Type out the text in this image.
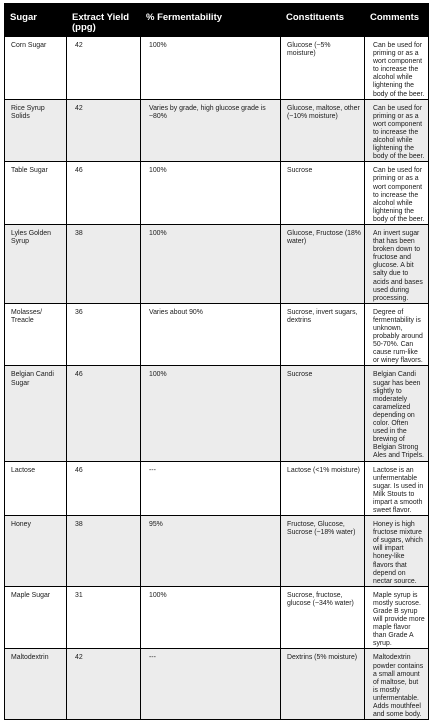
Sugar	Extract Yield (ppg)	% Fermentability	Constituents	Comments
Corn Sugar	42	100%	Glucose (~5% moisture)	Can be used for priming or as a wort component to increase the alcohol while lightening the body of the beer.
Rice Syrup Solids	42	Varies by grade, high glucose grade is ~80%	Glucose, maltose, other (~10% moisture)	Can be used for priming or as a wort component to increase the alcohol while lightening the body of the beer.
Table Sugar	46	100%	Sucrose	Can be used for priming or as a wort component to increase the alcohol while lightening the body of the beer.
Lyles Golden Syrup	38	100%	Glucose, Fructose (18% water)	An invert sugar that has been broken down to fructose and glucose. A bit salty due to acids and bases used during processing.
Molasses/ Treacle	36	Varies about 90%	Sucrose, invert sugars, dextrins	Degree of fermentability is unknown, probably around 50-70%. Can cause rum-like or winey flavors.
Belgian Candi Sugar	46	100%	Sucrose	Belgian Candi sugar has been slightly to moderately caramelized depending on color. Often used in the brewing of Belgian Strong Ales and Tripels.
Lactose	46	---	Lactose (<1% moisture)	Lactose is an unfermentable sugar. Is used in Milk Stouts to impart a smooth sweet flavor.
Honey	38	95%	Fructose, Glucose, Sucrose (~18% water)	Honey is high fructose mixture of sugars, which will impart honey-like flavors that depend on nectar source.
Maple Sugar	31	100%	Sucrose, fructose, glucose (~34% water)	Maple syrup is mostly sucrose. Grade B syrup will provide more maple flavor than Grade A syrup.
Maltodextrin	42	---	Dextrins (5% moisture)	Maltodextrin powder contains a small amount of maltose, but is mostly unfermentable. Adds mouthfeel and some body.
